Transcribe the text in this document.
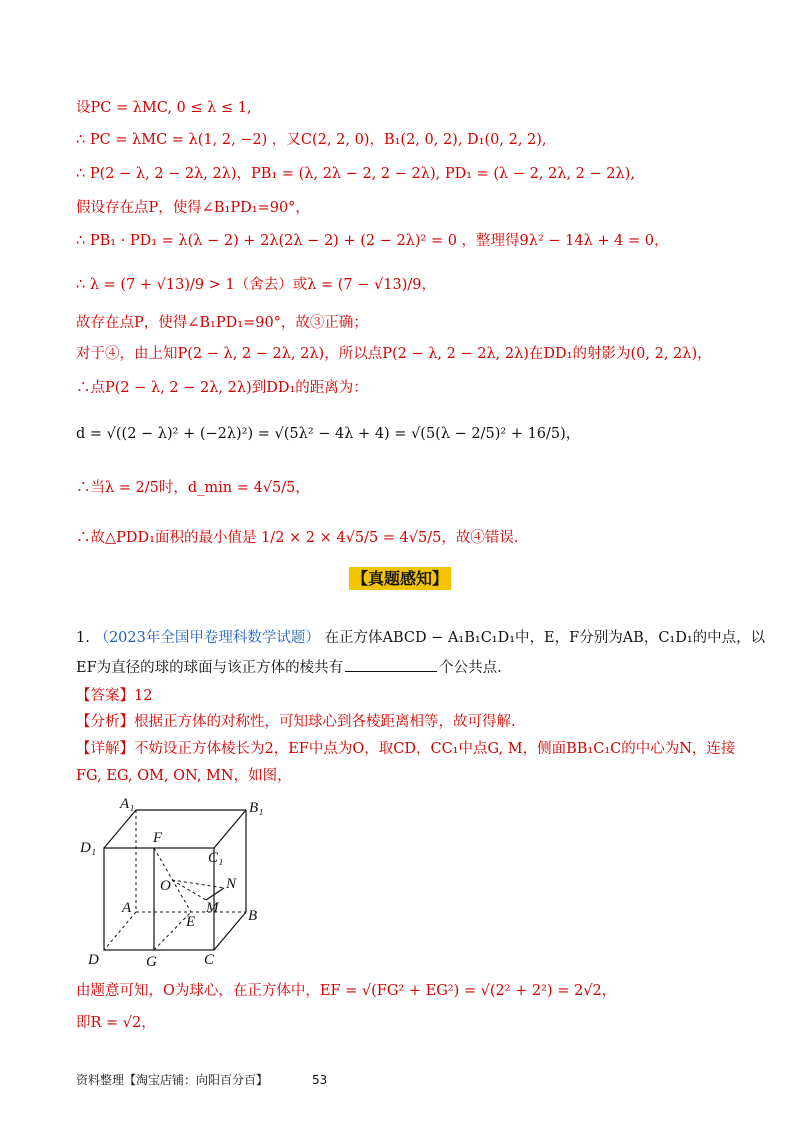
设PC = λMC, 0 ≤ λ ≤ 1,
∴ PC = λMC = λ(1, 2, −2) ，又C(2, 2, 0)，B₁(2, 0, 2), D₁(0, 2, 2),
∴ P(2 − λ, 2 − 2λ, 2λ)，PB₁ = (λ, 2λ − 2, 2 − 2λ), PD₁ = (λ − 2, 2λ, 2 − 2λ),
假设存在点P，使得∠B₁PD₁=90°，
∴ PB₁ · PD₁ = λ(λ − 2) + 2λ(2λ − 2) + (2 − 2λ)² = 0 ，整理得9λ² − 14λ + 4 = 0，
∴ λ = (7 + √13)/9 > 1（舍去）或λ = (7 − √13)/9，
故存在点P，使得∠B₁PD₁=90°，故③正确；
对于④，由上知P(2 − λ, 2 − 2λ, 2λ)，所以点P(2 − λ, 2 − 2λ, 2λ)在DD₁的射影为(0, 2, 2λ)，
∴点P(2 − λ, 2 − 2λ, 2λ)到DD₁的距离为：
d = √((2 − λ)² + (−2λ)²) = √(5λ² − 4λ + 4) = √(5(λ − 2/5)² + 16/5)，
∴当λ = 2/5时，d_min = 4√5/5，
∴故△PDD₁面积的最小值是 1/2 × 2 × 4√5/5 = 4√5/5，故④错误.
【真题感知】
1. （2023年全国甲卷理科数学试题） 在正方体ABCD − A₁B₁C₁D₁中，E，F分别为AB，C₁D₁的中点，以
EF为直径的球的球面与该正方体的棱共有	个公共点.
【答案】12
【分析】根据正方体的对称性，可知球心到各棱距离相等，故可得解.
【详解】不妨设正方体棱长为2，EF中点为O，取CD，CC₁中点G, M，侧面BB₁C₁C的中心为N，连接
FG, EG, OM, ON, MN，如图，
A₁	B₁
D₁
C₁
F
O	N
M
A
E	B
D	G	C
由题意可知，O为球心，在正方体中，EF = √(FG² + EG²) = √(2² + 2²) = 2√2，
即R = √2，
资料整理【淘宝店铺：向阳百分百】	53
